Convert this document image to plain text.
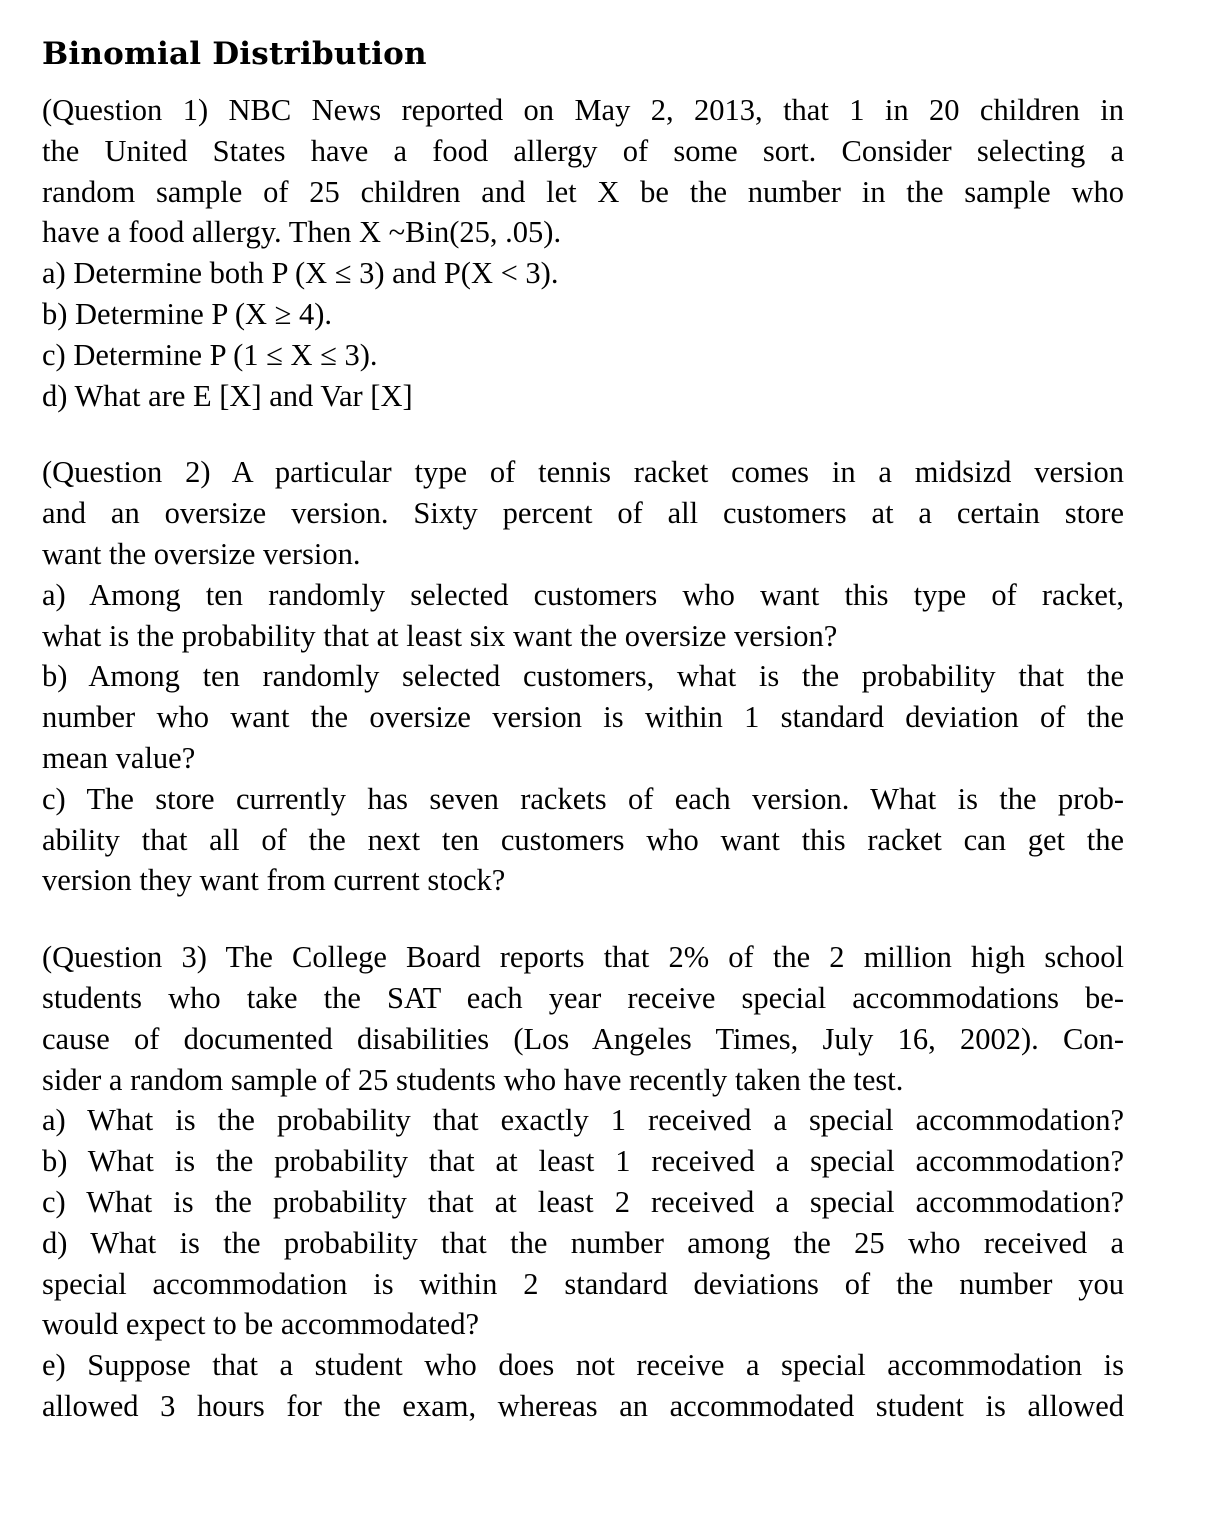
Binomial Distribution
(Question 1) NBC News reported on May 2, 2013, that 1 in 20 children in
the United States have a food allergy of some sort. Consider selecting a
random sample of 25 children and let X be the number in the sample who
have a food allergy. Then X ~Bin(25, .05).
a) Determine both P (X ≤ 3) and P(X < 3).
b) Determine P (X ≥ 4).
c) Determine P (1 ≤ X ≤ 3).
d) What are E [X] and Var [X]
(Question 2) A particular type of tennis racket comes in a midsizd version
and an oversize version. Sixty percent of all customers at a certain store
want the oversize version.
a) Among ten randomly selected customers who want this type of racket,
what is the probability that at least six want the oversize version?
b) Among ten randomly selected customers, what is the probability that the
number who want the oversize version is within 1 standard deviation of the
mean value?
c) The store currently has seven rackets of each version. What is the prob-
ability that all of the next ten customers who want this racket can get the
version they want from current stock?
(Question 3) The College Board reports that 2% of the 2 million high school
students who take the SAT each year receive special accommodations be-
cause of documented disabilities (Los Angeles Times, July 16, 2002). Con-
sider a random sample of 25 students who have recently taken the test.
a) What is the probability that exactly 1 received a special accommodation?
b) What is the probability that at least 1 received a special accommodation?
c) What is the probability that at least 2 received a special accommodation?
d) What is the probability that the number among the 25 who received a
special accommodation is within 2 standard deviations of the number you
would expect to be accommodated?
e) Suppose that a student who does not receive a special accommodation is
allowed 3 hours for the exam, whereas an accommodated student is allowed
